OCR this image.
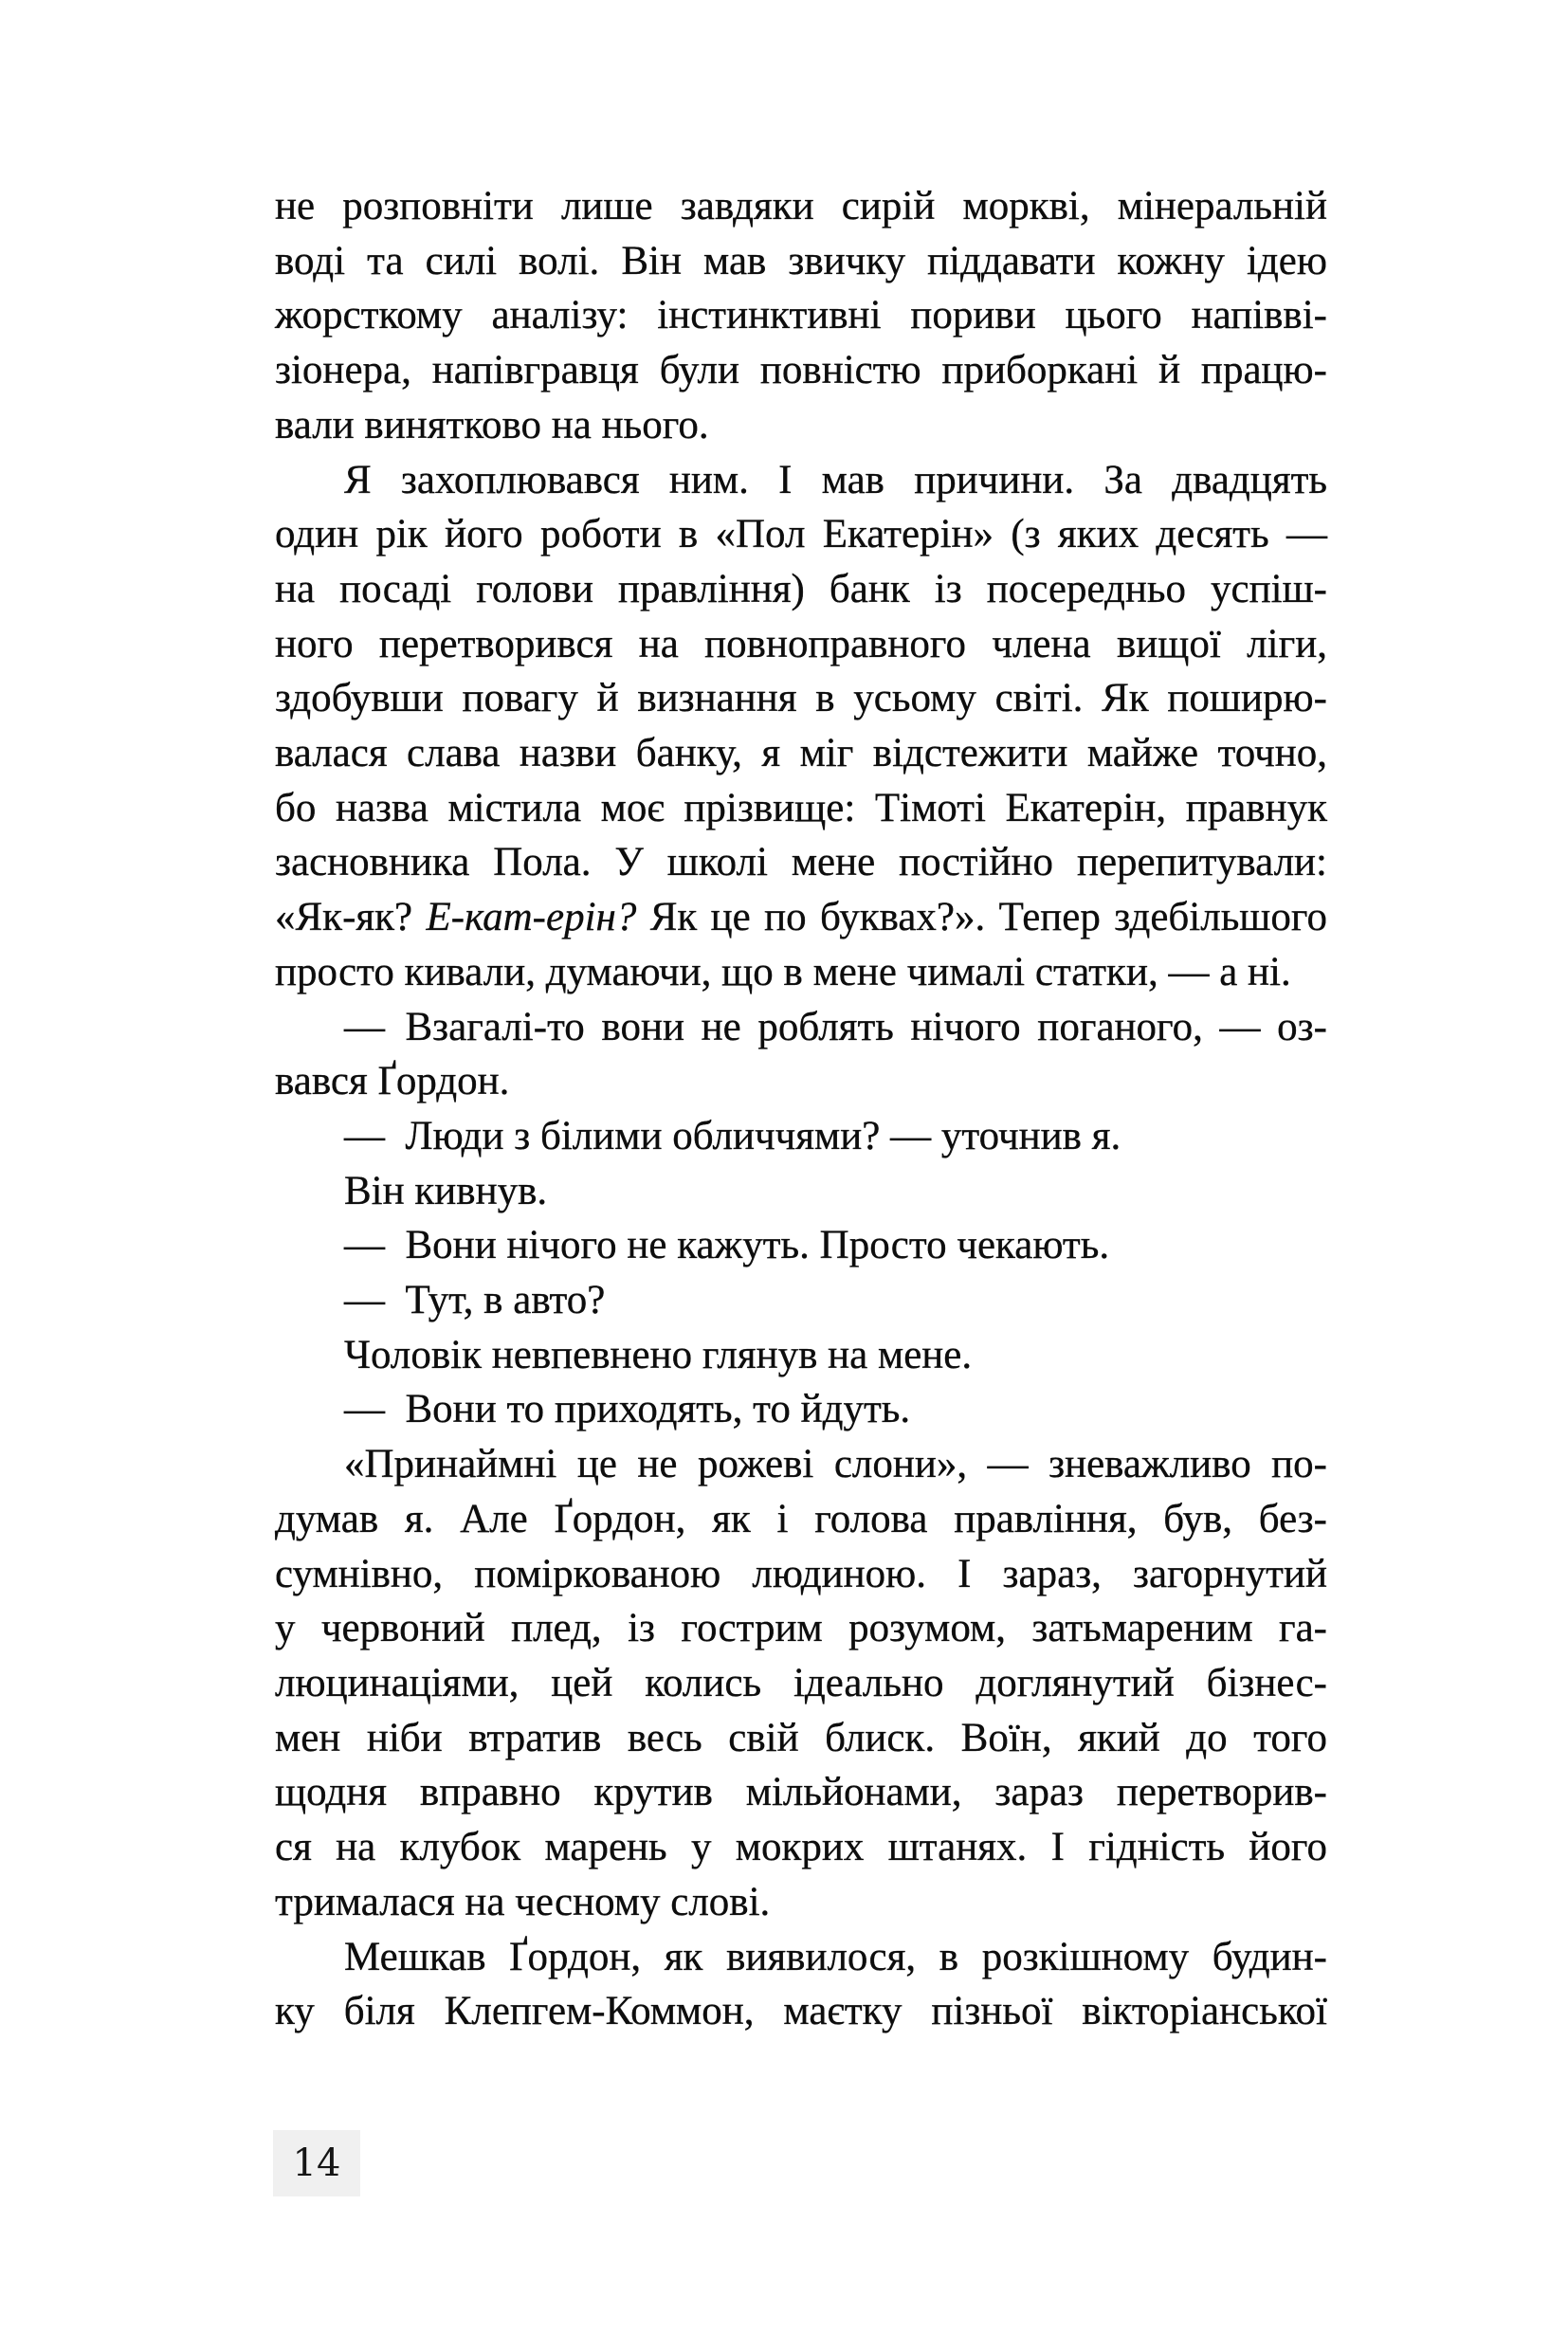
не розповніти лише завдяки сирій моркві, мінеральній
воді та силі волі. Він мав звичку піддавати кожну ідею
жорсткому аналізу: інстинктивні пориви цього напівві-
зіонера, напівгравця були повністю приборкані й працю-
вали винятково на нього.
Я захоплювався ним. І мав причини. За двадцять
один рік його роботи в «Пол Екатерін» (з яких десять —
на посаді голови правління) банк із посередньо успіш-
ного перетворився на повноправного члена вищої ліги,
здобувши повагу й визнання в усьому світі. Як поширю-
валася слава назви банку, я міг відстежити майже точно,
бо назва містила моє прізвище: Тімоті Екатерін, правнук
засновника Пола. У школі мене постійно перепитували:
«Як-як? Е-кат-ерін? Як це по буквах?». Тепер здебільшого
просто кивали, думаючи, що в мене чималі статки, — а ні.
— Взагалі-то вони не роблять нічого поганого, — оз-
вався Ґордон.
— Люди з білими обличчями? — уточнив я.
Він кивнув.
— Вони нічого не кажуть. Просто чекають.
— Тут, в авто?
Чоловік невпевнено глянув на мене.
— Вони то приходять, то йдуть.
«Принаймні це не рожеві слони», — зневажливо по-
думав я. Але Ґордон, як і голова правління, був, без-
сумнівно, поміркованою людиною. І зараз, загорнутий
у червоний плед, із гострим розумом, затьмареним га-
люцинаціями, цей колись ідеально доглянутий бізнес-
мен ніби втратив весь свій блиск. Воїн, який до того
щодня вправно крутив мільйонами, зараз перетворив-
ся на клубок марень у мокрих штанях. І гідність його
трималася на чесному слові.
Мешкав Ґордон, як виявилося, в розкішному будин-
ку біля Клепгем-Коммон, маєтку пізньої вікторіанської
14
